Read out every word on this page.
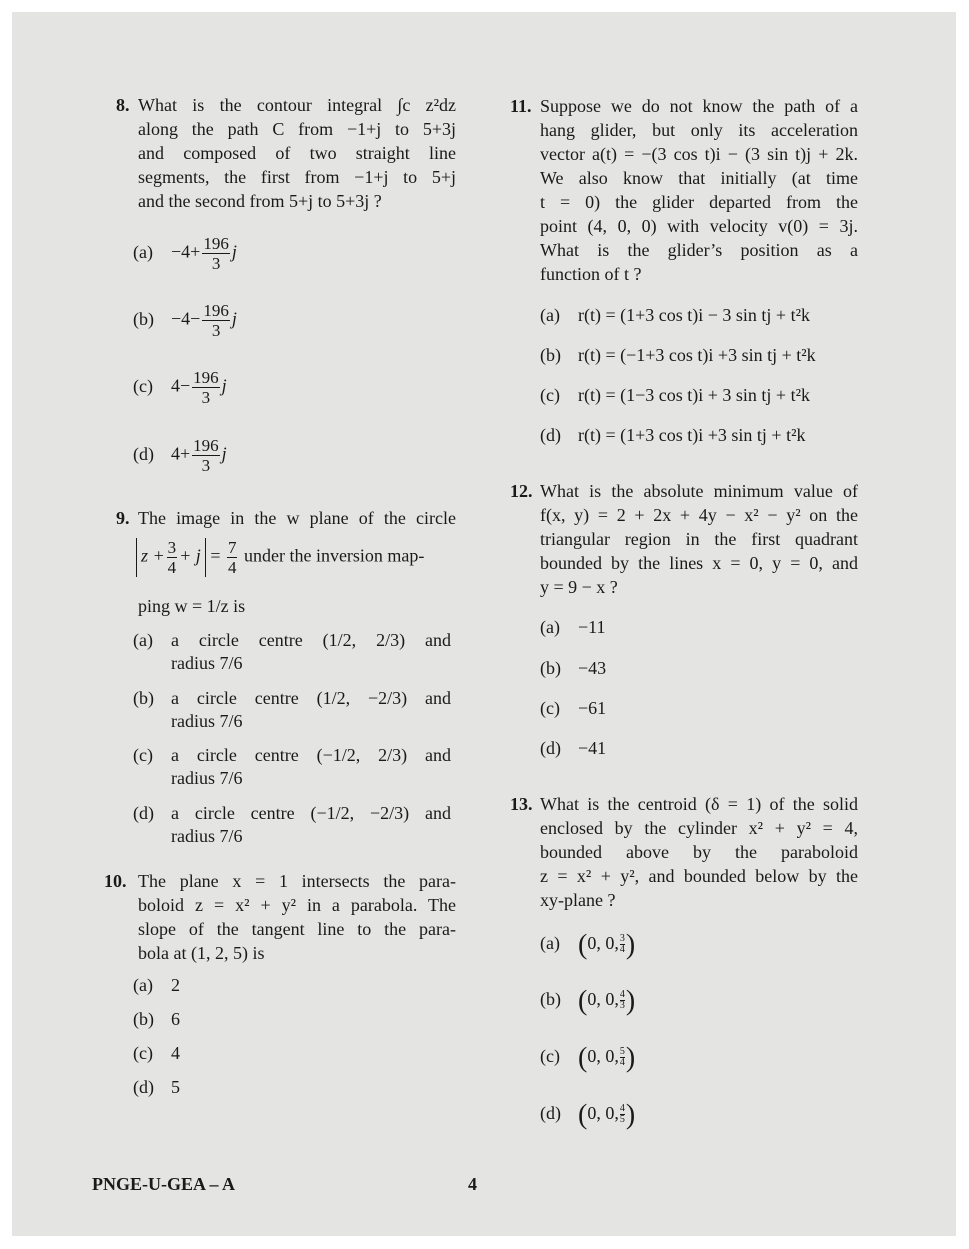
8. What is the contour integral ∫c z²dz
along the path C from −1+j to 5+3j
and composed of two straight line
segments, the first from −1+j to 5+j
and the second from 5+j to 5+3j ?
$(a) -4+ \frac{196}{3}$ j
$(b) -4- \frac{196}{3}$ j
(c) $4- \frac{196}{3}$ j
(d) $4+ \frac{196}{3}$ j
9. The image in the w plane of the circle
$z + \frac{3}{4} + j = \frac{7}{4}$ under the inversion map-
ping w = 1/z is
(a) a circle centre (1/2, 2/3) and
radius 7/6
(b) a circle centre (1/2, −2/3) and
radius 7/6
(c) a circle centre (−1/2, 2/3) and
radius 7/6
(d) a circle centre (−1/2, −2/3) and
radius 7/6
10. The plane x = 1 intersects the para-
boloid z = x² + y² in a parabola. The
slope of the tangent line to the para-
bola at (1, 2, 5) is
(a) 2
(b) 6
(c) 4
(d) 5
11. Suppose we do not know the path of a
hang glider, but only its acceleration
vector a(t) = −(3 cos t)i − (3 sin t)j + 2k.
We also know that initially (at time
t = 0) the glider departed from the
point (4, 0, 0) with velocity v(0) = 3j.
What is the glider’s position as a
function of t ?
(a) r(t) = (1+3 cos t)i − 3 sin tj + t²k
(b) r(t) = (−1+3 cos t)i +3 sin tj + t²k
(c) r(t) = (1−3 cos t)i + 3 sin tj + t²k
(d) r(t) = (1+3 cos t)i +3 sin tj + t²k
12. What is the absolute minimum value of
f(x, y) = 2 + 2x + 4y − x² − y² on the
triangular region in the first quadrant
bounded by the lines x = 0, y = 0, and
y = 9 − x ?
(a) −11
(b) −43
(c) −61
(d) −41
13. What is the centroid (δ = 1) of the solid
enclosed by the cylinder x² + y² = 4,
bounded above by the paraboloid
z = x² + y², and bounded below by the
xy-plane ?
(a) (0, 0, $\frac{3}{4}$)
(b) (0, 0, $\frac{4}{3}$)
(c) (0, 0, $\frac{5}{4}$)
(d) (0, 0, $\frac{4}{5}$)
PNGE-U-GEA – A	4
